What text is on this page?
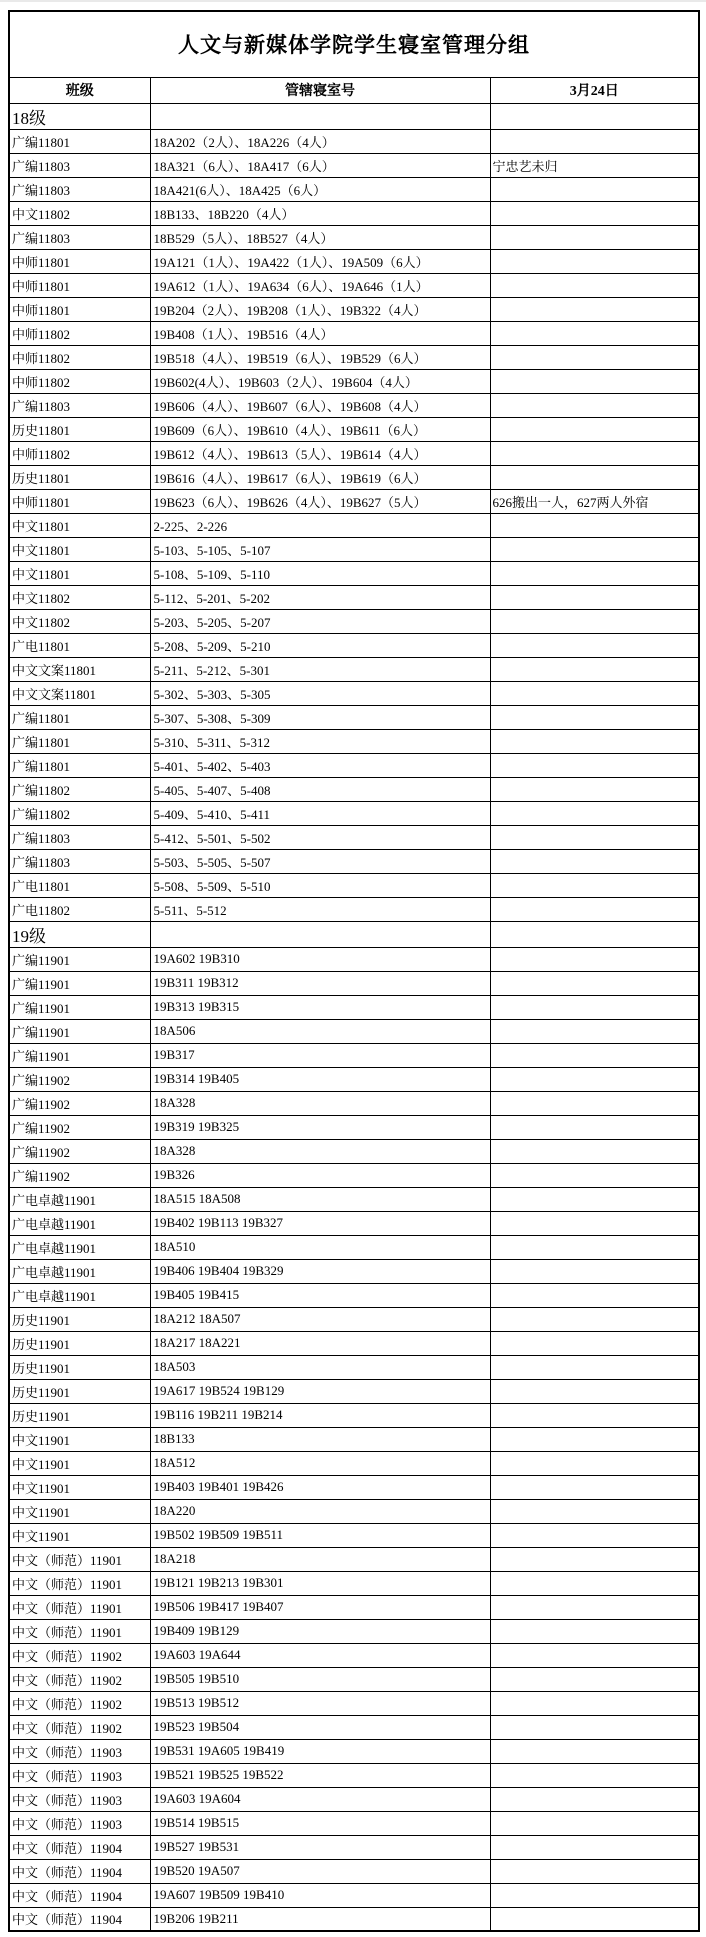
人文与新媒体学院学生寝室管理分组		
班级	管辖寝室号	3月24日
18级		
广编11801	18A202（2人）、18A226（4人）	
广编11803	18A321（6人）、18A417（6人）	宁忠艺未归
广编11803	18A421(6人）、18A425（6人）	
中文11802	18B133、18B220（4人）	
广编11803	18B529（5人）、18B527（4人）	
中师11801	19A121（1人）、19A422（1人）、19A509（6人）	
中师11801	19A612（1人）、19A634（6人）、19A646（1人）	
中师11801	19B204（2人）、19B208（1人）、19B322（4人）	
中师11802	19B408（1人）、19B516（4人）	
中师11802	19B518（4人）、19B519（6人）、19B529（6人）	
中师11802	19B602(4人）、19B603（2人）、19B604（4人）	
广编11803	19B606（4人）、19B607（6人）、19B608（4人）	
历史11801	19B609（6人）、19B610（4人）、19B611（6人）	
中师11802	19B612（4人）、19B613（5人）、19B614（4人）	
历史11801	19B616（4人）、19B617（6人）、19B619（6人）	
中师11801	19B623（6人）、19B626（4人）、19B627（5人）	626搬出一人，627两人外宿
中文11801	2-225、2-226	
中文11801	5-103、5-105、5-107	
中文11801	5-108、5-109、5-110	
中文11802	5-112、5-201、5-202	
中文11802	5-203、5-205、5-207	
广电11801	5-208、5-209、5-210	
中文文案11801	5-211、5-212、5-301	
中文文案11801	5-302、5-303、5-305	
广编11801	5-307、5-308、5-309	
广编11801	5-310、5-311、5-312	
广编11801	5-401、5-402、5-403	
广编11802	5-405、5-407、5-408	
广编11802	5-409、5-410、5-411	
广编11803	5-412、5-501、5-502	
广编11803	5-503、5-505、5-507	
广电11801	5-508、5-509、5-510	
广电11802	5-511、5-512	
19级		
广编11901	19A602 19B310	
广编11901	19B311 19B312	
广编11901	19B313 19B315	
广编11901	18A506	
广编11901	19B317	
广编11902	19B314 19B405	
广编11902	18A328	
广编11902	19B319 19B325	
广编11902	18A328	
广编11902	19B326	
广电卓越11901	18A515 18A508	
广电卓越11901	19B402 19B113 19B327	
广电卓越11901	18A510	
广电卓越11901	19B406 19B404 19B329	
广电卓越11901	19B405 19B415	
历史11901	18A212 18A507	
历史11901	18A217 18A221	
历史11901	18A503	
历史11901	19A617 19B524 19B129	
历史11901	19B116 19B211 19B214	
中文11901	18B133	
中文11901	18A512	
中文11901	19B403 19B401 19B426	
中文11901	18A220	
中文11901	19B502 19B509 19B511	
中文（师范）11901	18A218	
中文（师范）11901	19B121 19B213 19B301	
中文（师范）11901	19B506 19B417 19B407	
中文（师范）11901	19B409 19B129	
中文（师范）11902	19A603 19A644	
中文（师范）11902	19B505 19B510	
中文（师范）11902	19B513 19B512	
中文（师范）11902	19B523 19B504	
中文（师范）11903	19B531 19A605 19B419	
中文（师范）11903	19B521 19B525 19B522	
中文（师范）11903	19A603 19A604	
中文（师范）11903	19B514 19B515	
中文（师范）11904	19B527 19B531	
中文（师范）11904	19B520 19A507	
中文（师范）11904	19A607 19B509 19B410	
中文（师范）11904	19B206 19B211	
